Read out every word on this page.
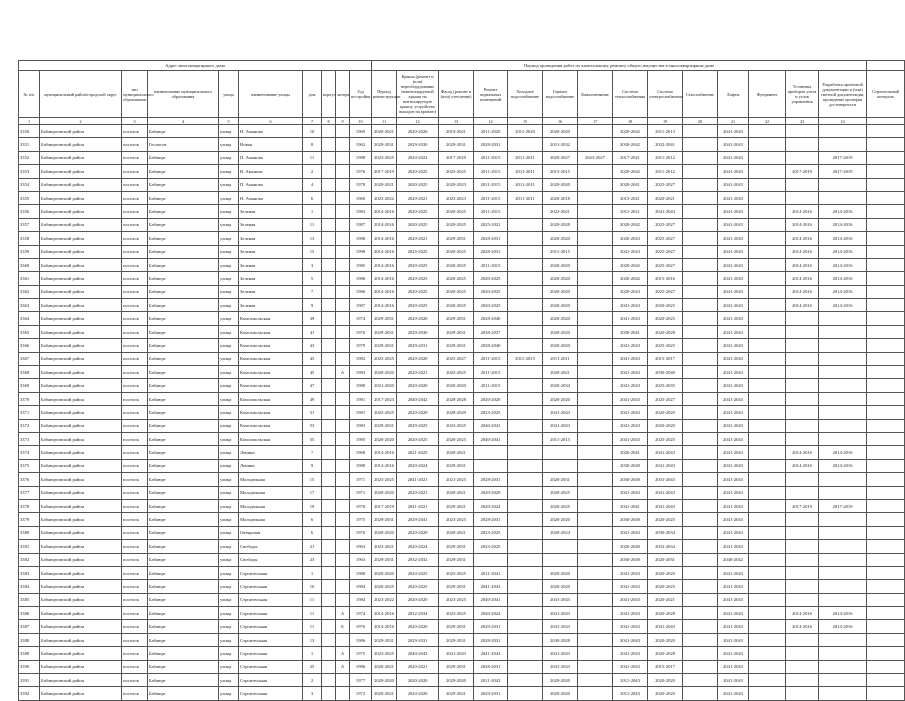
Адрес многоквартирного дома										Период проведения работ по капитальному ремонту общего имущества в многоквартирном доме														
№ п/п	муниципальный район/городской округ	тип муниципального образования	наименование муниципального образования	улица	наименование улицы	дом	корпус	литера	Год постройки	Период реконструкции	Крыша (ремонт и (или) переоборудование невентилируемой крыши на вентилируемую крышу, устройство выходов на кровлю)	Фасад (ремонт и (или) утепление)	Ремонт подвальных помещений	Холодное водоснабжение	Горячее водоснабжение	Канализование	Система теплоснабжения	Система электроснабжения	Газоснабжение	Лифты	Фундамент	Установка приборов учета и узлов управления	Разработка проектной документации и (или) сметной документации, проведение проверки достоверности	Строительный контроль
1	2	3	4	5	6	7	8	9	10	11	12	13	14	15	16	17	18	19	20	21	22	23	24	
3350	Бабаюртовский район	поселок	Бабаюрт	улица	Н. Аманова	10			1969	2020-2021	2020-2020	2019-2021	2011-2020	2011-2020	2020-2020		2020-2042	2011-2013		2041-2043				
3351	Бабаюртовский район	поселок	Геологов	улица	Новая	8			1962	2029-2031	2029-2030	2029-2031	2028-2031		2031-2032		2030-2042	2032-2041		2041-2043				
3352	Бабаюртовский район	поселок	Бабаюрт	улица	П. Аманова	11			1988	2023-2025	2020-2022	2017-2019	2011-2015	2011-2011	2020-2027	2023-2027	2017-2021	2011-2012		2041-2043			2017-2019	
3353	Бабаюртовский район	поселок	Бабаюрт	улица	В. Аманова	2			1976	2017-2019	2020-2025	2025-2025	2011-2015	2011-2011	2015-2015		2020-2042	2011-2012		2041-2043		2017-2019	2017-2019	
3354	Бабаюртовский район	поселок	Бабаюрт	улица	П. Аманова	4			1978	2020-2021	2020-2025	2020-2023	2011-2015	2011-2011	2020-2020		2020-2041	2025-2027		2041-2043				
3355	Бабаюртовский район	поселок	Бабаюрт	улица	Н. Аманова	6			1960	2023-2022	2020-2021	2023-2023	2011-2015	2011-2011	2020-2018		2015-2021	2020-2021		2041-2043				
3356	Бабаюртовский район	поселок	Бабаюрт	улица	Зеленая	1			1983	2014-2016	2020-2025	2020-2025	2011-2015		2022-2021		2011-2021	2041-2043		2041-2043		2014-2016	2014-2016	
3357	Бабаюртовский район	поселок	Бабаюрт	улица	Зеленая	11			1987	2014-2016	2020-2025	2020-2025	2025-2021		2020-2028		2020-2042	2025-2027		2041-2043		2014-2016	2014-2016	
3358	Бабаюртовский район	поселок	Бабаюрт	улица	Зеленая	13			1988	2014-2016	2020-2021	2029-2031	2028-2031		2020-2020		2020-2043	2025-2027		2041-2043		2014-2016	2014-2016	
3359	Бабаюртовский район	поселок	Бабаюрт	улица	Зеленая	15			1998	2014-2016	2025-2025	2020-2025	2028-2031		2011-2015		2041-2043	2025-2027		2041-2043		2014-2016	2014-2016	
3360	Бабаюртовский район	поселок	Бабаюрт	улица	Зеленая	3			1985	2014-2016	2020-2025	2020-2025	2011-2015		2020-2020		2020-2042	2025-2027		2041-2043		2014-2016	2014-2016	
3361	Бабаюртовский район	поселок	Бабаюрт	улица	Зеленая	5			1986	2014-2016	2020-2025	2020-2025	2020-2025		2020-2020		2020-2042	2015-2016		2041-2043		2014-2016	2014-2016	
3362	Бабаюртовский район	поселок	Бабаюрт	улица	Зеленая	7			1986	2014-2016	2020-2025	2020-2025	2020-2025		2020-2020		2020-2043	2025-2027		2041-2043		2014-2016	2014-2016	
3363	Бабаюртовский район	поселок	Бабаюрт	улица	Зеленая	9			1987	2014-2016	2020-2025	2020-2025	2020-2025		2020-2020		2041-2043	2020-2025		2041-2043		2014-2016	2014-2016	
3364	Бабаюртовский район	поселок	Бабаюрт	улица	Комсомольская	39			1974	2029-2031	2020-2020	2029-2031	2028-2040		2020-2020		2041-2043	2020-2025		2041-2043				
3365	Бабаюртовский район	поселок	Бабаюрт	улица	Комсомольская	41			1976	2029-2031	2029-2030	2029-2031	2038-2037		2020-2020		2030-2041	2020-2028		2041-2043				
3366	Бабаюртовский район	поселок	Бабаюрт	улица	Комсомольская	43			1979	2029-2031	2029-2031	2029-2031	2038-2040		2020-2020		2041-2043	2025-2025		2041-2043				
3367	Бабаюртовский район	поселок	Бабаюрт	улица	Комсомольская	45			1982	2023-2025	2020-2020	2025-2027	2011-2015	2011-2015	2011-2011		2041-2043	2015-2017		2041-2043				
3368	Бабаюртовский район	поселок	Бабаюрт	улица	Комсомольская	45		А	1983	2020-2020	2020-2021	2025-2025	2011-2015		2020-2021		2041-2043	2030-2040		2041-2043				
3369	Бабаюртовский район	поселок	Бабаюрт	улица	Комсомольская	47			1980	2021-2020	2020-2020	2020-2020	2011-2015		2020-2034		2041-2043	2025-2035		2041-2043				
3370	Бабаюртовский район	поселок	Бабаюрт	улица	Комсомольская	49			1981	2017-2023	2040-2042	2028-2028	2020-2020		2020-2020		2041-2043	2025-2027		2041-2043				
3371	Бабаюртовский район	поселок	Бабаюрт	улица	Комсомольская	51			1981	2025-2025	2020-2020	2028-2029	2023-2025		2041-2043		2041-2043	2020-2020		2041-2043				
3372	Бабаюртовский район	поселок	Бабаюрт	улица	Комсомольская	53			1983	2029-2031	2029-2025	2023-2025	2040-2041		2041-2043		2041-2043	2020-2020		2041-2043				
3373	Бабаюртовский район	поселок	Бабаюрт	улица	Комсомольская	55			1985	2020-2020	2020-2025	2020-2025	2040-2041		2011-2015		2041-2043	2025-2025		2041-2043				
3374	Бабаюртовский район	поселок	Бабаюрт	улица	Ленина	7			1968	2014-2016	2021-2025	2020-2021					2020-2041	2041-2043		2041-2043		2014-2016	2014-2016	
3375	Бабаюртовский район	поселок	Бабаюрт	улица	Ленина	9			1988	2014-2016	2020-2024	2029-2031					2030-2040	2041-2043		2041-2043		2014-2016	2014-2016	
3376	Бабаюртовский район	поселок	Бабаюрт	улица	Молодежная	15			1971	2025-2025	2041-2021	2021-2025	2028-2031		2020-2031		2030-2040	2041-2043		2041-2043				
3377	Бабаюртовский район	поселок	Бабаюрт	улица	Молодежная	17			1971	2020-2020	2020-2021	2020-2021	2020-2020		2020-2025		2041-2043	2041-2043		2041-2043				
3378	Бабаюртовский район	поселок	Бабаюрт	улица	Молодежная	19			1978	2017-2019	2041-2021	2029-2021	2020-2024		2020-2025		2041-2041	2041-2043		2041-2043		2017-2019	2017-2019	
3379	Бабаюртовский район	поселок	Бабаюрт	улица	Молодежная	6			1975	2029-2031	2029-2041	2023-2025	2028-2031		2020-2020		2030-2040	2020-2025		2041-2043				
3380	Бабаюртовский район	поселок	Бабаюрт	улица	Октярская	6			1976	2020-2020	2020-2020	2020-2021	2023-2025		2020-2024		2041-2043	2030-2034		2041-2043				
3381	Бабаюртовский район	поселок	Бабаюрт	улица	Свободы	21			1963	2023-2021	2020-2024	2029-2031	2023-2025				2020-2040	2032-2034		2041-2043				
3382	Бабаюртовский район	поселок	Бабаюрт	улица	Свободы	23			1963	2029-2031	2032-2032	2029-2031					2030-2040	2020-2031		2040-2042				
3383	Бабаюртовский район	поселок	Бабаюрт	улица	Строительная	1			1980	2020-2020	2020-2025	2025-2025	2011-2041		2020-2020		2041-2043	2020-2020		2041-2043				
3384	Бабаюртовский район	поселок	Бабаюрт	улица	Строительная	10			1984	2020-2025	2020-2025	2029-2031	2041-2043		2020-2020		2041-2043	2020-2025		2041-2043				
3385	Бабаюртовский район	поселок	Бабаюрт	улица	Строительная	11			1984	2023-2022	2020-2020	2023-2025	2040-2041		2041-2043		2041-2043	2020-2021		2041-2043				
3386	Бабаюртовский район	поселок	Бабаюрт	улица	Строительная	11		А	1974	2014-2016	2032-2034	2023-2025	2020-2024		2041-2043		2041-2043	2020-2028		2041-2043		2014-2016	2014-2016	
3387	Бабаюртовский район	поселок	Бабаюрт	улица	Строительная	11		Б	1976	2014-2016	2020-2020	2029-2031	2029-2031		2041-2043		2041-2043	2041-2043		2041-2043		2014-2016	2014-2016	
3388	Бабаюртовский район	поселок	Бабаюрт	улица	Строительная	13			1986	2029-2031	2029-2031	2029-2031	2028-2031		2030-2028		2041-2043	2020-2020		2041-2043				
3389	Бабаюртовский район	поселок	Бабаюрт	улица	Строительная	1		А	1975	2023-2025	2040-2043	2041-2043	2041-2043		2041-2043		2041-2043	2020-2028		2041-2043				
3390	Бабаюртовский район	поселок	Бабаюрт	улица	Строительная	25		А	1986	2020-2021	2020-2021	2029-2031	2028-2031		2041-2043		2041-2043	2015-2017		2041-2043				
3391	Бабаюртовский район	поселок	Бабаюрт	улица	Строительная	2			1977	2020-2020	2020-2020	2029-2020	2011-2043		2020-2020		2011-2043	2020-2020		2041-2043				
3392	Бабаюртовский район	поселок	Бабаюрт	улица	Строительная	3			1972	2020-2021	2020-2020	2029-2021	2029-2031		2020-2020		2011-2043	2020-2020		2041-2043				
